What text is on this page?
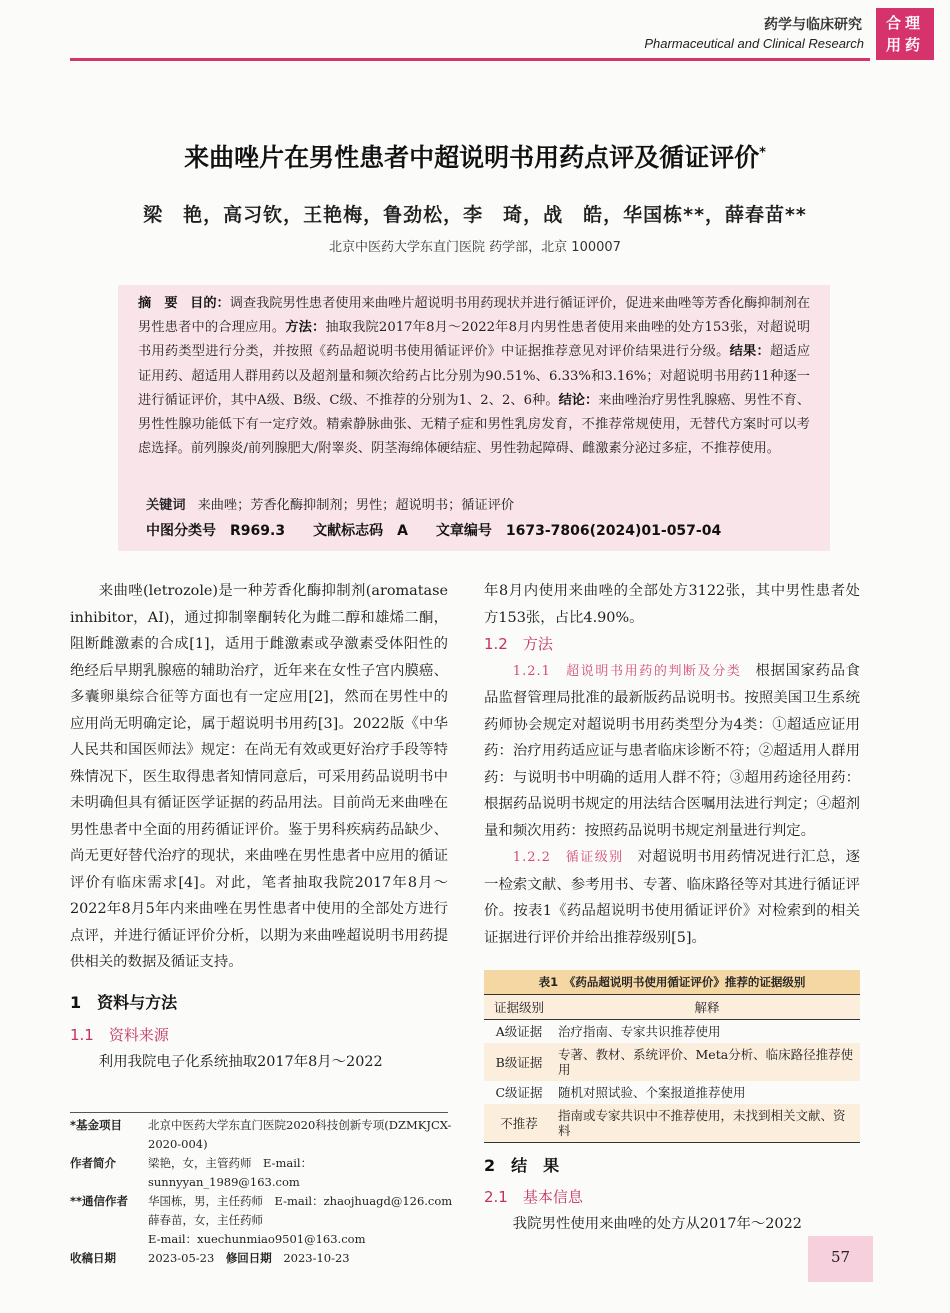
药学与临床研究
Pharmaceutical and Clinical Research
合理
用药
来曲唑片在男性患者中超说明书用药点评及循证评价*
梁　艳，高习钦，王艳梅，鲁劲松，李　琦，战　皓，华国栋**，薛春苗**
北京中医药大学东直门医院 药学部，北京 100007
摘　要 目的：调查我院男性患者使用来曲唑片超说明书用药现状并进行循证评价，促进来曲唑等芳香化酶抑制剂在男性患者中的合理应用。方法：抽取我院2017年8月～2022年8月内男性患者使用来曲唑的处方153张，对超说明书用药类型进行分类，并按照《药品超说明书使用循证评价》中证据推荐意见对评价结果进行分级。结果：超适应证用药、超适用人群用药以及超剂量和频次给药占比分别为90.51%、6.33%和3.16%；对超说明书用药11种逐一进行循证评价，其中A级、B级、C级、不推荐的分别为1、2、2、6种。结论：来曲唑治疗男性乳腺癌、男性不育、男性性腺功能低下有一定疗效。精索静脉曲张、无精子症和男性乳房发育，不推荐常规使用，无替代方案时可以考虑选择。前列腺炎/前列腺肥大/附睾炎、阴茎海绵体硬结症、男性勃起障碍、雌激素分泌过多症，不推荐使用。
关键词 来曲唑；芳香化酶抑制剂；男性；超说明书；循证评价
中图分类号　R969.3　　文献标志码　A　　文章编号　1673-7806(2024)01-057-04

来曲唑(letrozole)是一种芳香化酶抑制剂(aromatase inhibitor，AI)，通过抑制睾酮转化为雌二醇和雄烯二酮，阻断雌激素的合成[1]，适用于雌激素或孕激素受体阳性的绝经后早期乳腺癌的辅助治疗，近年来在女性子宫内膜癌、多囊卵巢综合征等方面也有一定应用[2]，然而在男性中的应用尚无明确定论，属于超说明书用药[3]。2022版《中华人民共和国医师法》规定：在尚无有效或更好治疗手段等特殊情况下，医生取得患者知情同意后，可采用药品说明书中未明确但具有循证医学证据的药品用法。目前尚无来曲唑在男性患者中全面的用药循证评价。鉴于男科疾病药品缺少、尚无更好替代治疗的现状，来曲唑在男性患者中应用的循证评价有临床需求[4]。对此，笔者抽取我院2017年8月～2022年8月5年内来曲唑在男性患者中使用的全部处方进行点评，并进行循证评价分析，以期为来曲唑超说明书用药提供相关的数据及循证支持。

1　资料与方法
1.1　资料来源

利用我院电子化系统抽取2017年8月～2022

*基金项目	北京中医药大学东直门医院2020科技创新专项(DZMKJCX-2020-004)
作者简介	梁艳，女，主管药师　E-mail：sunnyyan_1989@163.com
**通信作者	华国栋，男，主任药师　E-mail：zhaojhuagd@126.com
薛春苗，女，主任药师
E-mail：xuechunmiao9501@163.com
收稿日期	2023-05-23　 修回日期　 2023-10-23

年8月内使用来曲唑的全部处方3122张，其中男性患者处方153张，占比4.90%。

1.2　方法

1.2.1　超说明书用药的判断及分类 根据国家药品食品监督管理局批准的最新版药品说明书。按照美国卫生系统药师协会规定对超说明书用药类型分为4类：①超适应证用药：治疗用药适应证与患者临床诊断不符；②超适用人群用药：与说明书中明确的适用人群不符；③超用药途径用药：根据药品说明书规定的用法结合医嘱用法进行判定；④超剂量和频次用药：按照药品说明书规定剂量进行判定。

1.2.2　循证级别 对超说明书用药情况进行汇总，逐一检索文献、参考用书、专著、临床路径等对其进行循证评价。按表1《药品超说明书使用循证评价》对检索到的相关证据进行评价并给出推荐级别[5]。

表1　《药品超说明书使用循证评价》推荐的证据级别
证据级别	解释
A级证据	治疗指南、专家共识推荐使用
B级证据	专著、教材、系统评价、Meta分析、临床路径推荐使用
C级证据	随机对照试验、个案报道推荐使用
不推荐	指南或专家共识中不推荐使用，未找到相关文献、资料
2　结　果
2.1　基本信息
我院男性使用来曲唑的处方从2017年～2022
57
